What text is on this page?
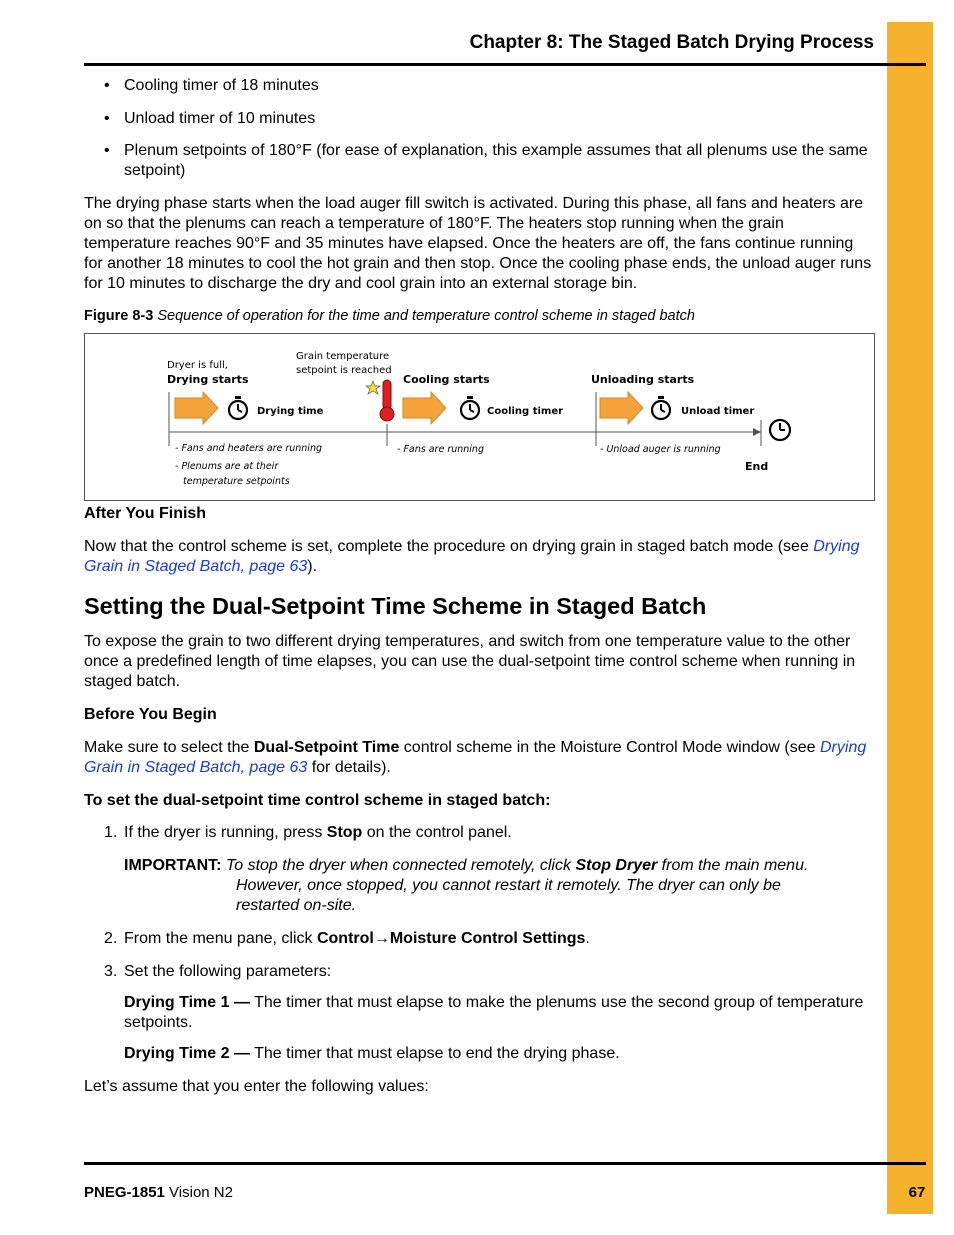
Chapter 8: The Staged Batch Drying Process
• Cooling timer of 18 minutes
• Unload timer of 10 minutes
• Plenum setpoints of 180°F (for ease of explanation, this example assumes that all plenums use the same setpoint)
The drying phase starts when the load auger fill switch is activated. During this phase, all fans and heaters are on so that the plenums can reach a temperature of 180°F. The heaters stop running when the grain temperature reaches 90°F and 35 minutes have elapsed. Once the heaters are off, the fans continue running for another 18 minutes to cool the hot grain and then stop. Once the cooling phase ends, the unload auger runs for 10 minutes to discharge the dry and cool grain into an external storage bin.
Figure 8-3 Sequence of operation for the time and temperature control scheme in staged batch
Dryer is full,
Drying starts
Grain temperature
setpoint is reached
Cooling starts	Unloading starts
Drying time	Cooling timer	Unload timer
End
- Fans and heaters are running
- Plenums are at their
temperature setpoints
- Fans are running	- Unload auger is running
After You Finish
Now that the control scheme is set, complete the procedure on drying grain in staged batch mode (see Drying Grain in Staged Batch, page 63).
Setting the Dual-Setpoint Time Scheme in Staged Batch
To expose the grain to two different drying temperatures, and switch from one temperature value to the other once a predefined length of time elapses, you can use the dual-setpoint time control scheme when running in staged batch.
Before You Begin
Make sure to select the Dual-Setpoint Time control scheme in the Moisture Control Mode window (see Drying Grain in Staged Batch, page 63 for details).
To set the dual-setpoint time control scheme in staged batch:
1. If the dryer is running, press Stop on the control panel.
IMPORTANT: To stop the dryer when connected remotely, click Stop Dryer from the main menu.
However, once stopped, you cannot restart it remotely. The dryer can only be
restarted on-site.
2. From the menu pane, click Control→Moisture Control Settings.
3. Set the following parameters:
Drying Time 1 — The timer that must elapse to make the plenums use the second group of temperature setpoints.
Drying Time 2 — The timer that must elapse to end the drying phase.
Let’s assume that you enter the following values:
PNEG-1851 Vision N2	67
